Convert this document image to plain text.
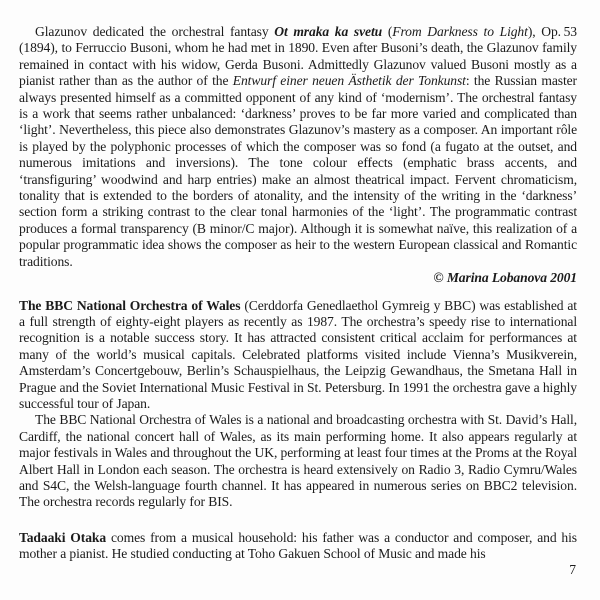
Glazunov dedicated the orchestral fantasy Ot mraka ka svetu (From Darkness to Light), Op. 53 (1894), to Ferruccio Busoni, whom he had met in 1890. Even after Busoni’s death, the Glazunov family remained in contact with his widow, Gerda Busoni. Admittedly Glazunov valued Busoni mostly as a pianist rather than as the author of the Entwurf einer neuen Ästhetik der Tonkunst: the Russian master always presented himself as a committed opponent of any kind of ‘modernism’. The orchestral fantasy is a work that seems rather unbalanced: ‘darkness’ proves to be far more varied and complicated than ‘light’. Nevertheless, this piece also demonstrates Glazunov’s mastery as a composer. An important rôle is played by the polyphonic processes of which the composer was so fond (a fugato at the outset, and numerous imitations and inversions). The tone colour effects (emphatic brass accents, and ‘transfiguring’ woodwind and harp entries) make an almost theatrical impact. Fervent chromaticism, tonality that is extended to the borders of atonality, and the intensity of the writing in the ‘darkness’ section form a striking contrast to the clear tonal harmonies of the ‘light’. The programmatic contrast produces a formal transparency (B minor/C major). Although it is somewhat naïve, this realization of a popular programmatic idea shows the composer as heir to the western European classical and Romantic traditions.

© Marina Lobanova 2001

The BBC National Orchestra of Wales (Cerddorfa Genedlaethol Gymreig y BBC) was established at a full strength of eighty-eight players as recently as 1987. The orchestra’s speedy rise to international recognition is a notable success story. It has attracted consistent critical acclaim for performances at many of the world’s musical capitals. Celebrated platforms visited include Vienna’s Musikverein, Amsterdam’s Concertgebouw, Berlin’s Schauspielhaus, the Leipzig Gewandhaus, the Smetana Hall in Prague and the Soviet International Music Festival in St. Petersburg. In 1991 the orchestra gave a highly successful tour of Japan.

The BBC National Orchestra of Wales is a national and broadcasting orchestra with St. David’s Hall, Cardiff, the national concert hall of Wales, as its main performing home. It also appears regularly at major festivals in Wales and throughout the UK, performing at least four times at the Proms at the Royal Albert Hall in London each season. The orchestra is heard extensively on Radio 3, Radio Cymru/Wales and S4C, the Welsh-language fourth channel. It has appeared in numerous series on BBC2 television. The orchestra records regularly for BIS.

Tadaaki Otaka comes from a musical household: his father was a conductor and composer, and his mother a pianist. He studied conducting at Toho Gakuen School of Music and made his

7
